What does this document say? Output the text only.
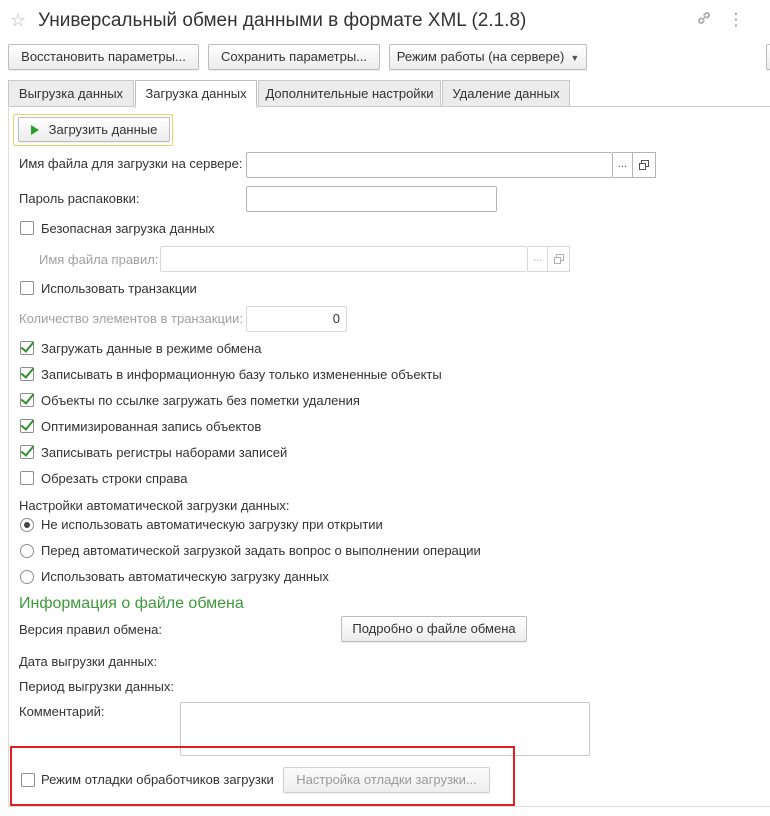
☆ Универсальный обмен данными в формате XML (2.1.8)	⋮
Восстановить параметры...	Сохранить параметры...	Режим работы (на сервере) ▼
Выгрузка данных	Загрузка данных	Дополнительные настройки	Удаление данных
Загрузить данные
Имя файла для загрузки на сервере:	...
Пароль распаковки:
Безопасная загрузка данных
Имя файла правил:	...
Использовать транзакции
Количество элементов в транзакции:	0
Загружать данные в режиме обмена
Записывать в информационную базу только измененные объекты
Объекты по ссылке загружать без пометки удаления
Оптимизированная запись объектов
Записывать регистры наборами записей
Обрезать строки справа
Настройки автоматической загрузки данных:
Не использовать автоматическую загрузку при открытии
Перед автоматической загрузкой задать вопрос о выполнении операции
Использовать автоматическую загрузку данных
Информация о файле обмена
Версия правил обмена:	Подробно о файле обмена
Дата выгрузки данных:
Период выгрузки данных:
Комментарий:
Режим отладки обработчиков загрузки	Настройка отладки загрузки...
